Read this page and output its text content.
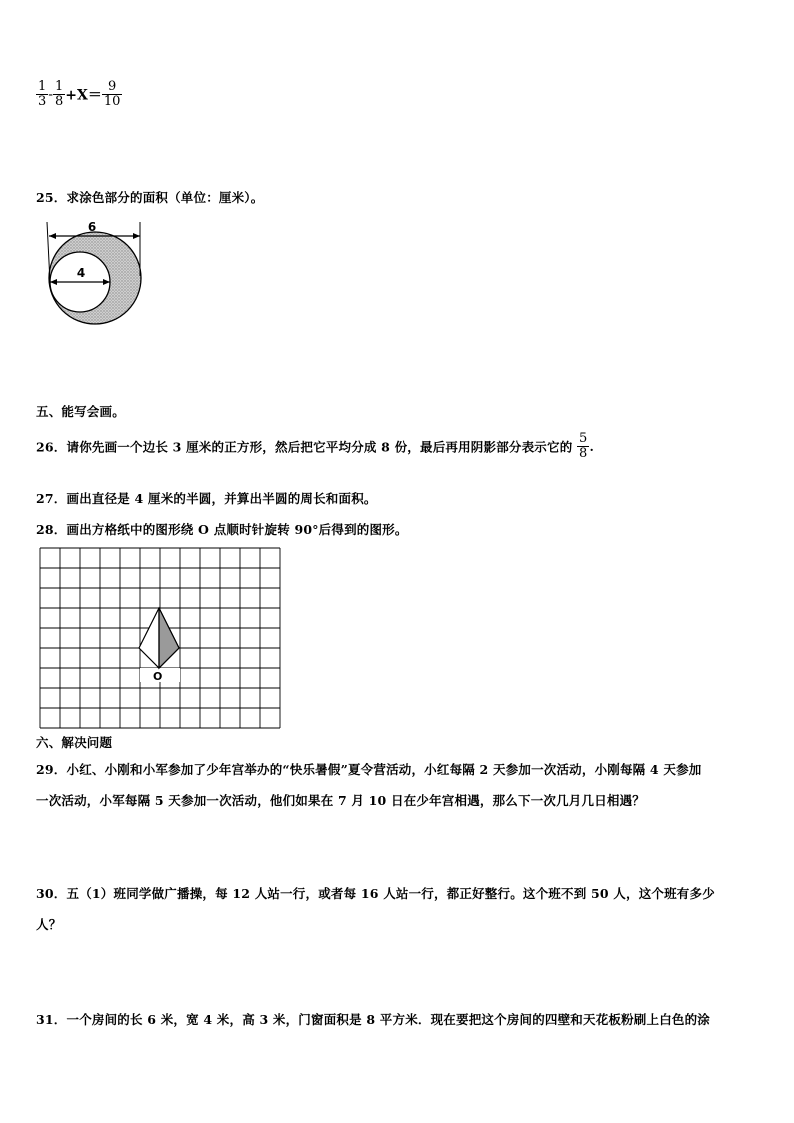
$\frac{1}{3} - \frac{1}{8} +X= \frac{9}{10}$
25．求涂色部分的面积（单位：厘米）。
6
4
五、能写会画。
26．请你先画一个边长 3 厘米的正方形，然后把它平均分成 8 份，最后再用阴影部分表示它的 $\frac{5}{8}$ .
27．画出直径是 4 厘米的半圆，并算出半圆的周长和面积。
28．画出方格纸中的图形绕 O 点顺时针旋转 90°后得到的图形。
O
六、解决问题
29．小红、小刚和小军参加了少年宫举办的“快乐暑假”夏令营活动，小红每隔 2 天参加一次活动，小刚每隔 4 天参加
一次活动，小军每隔 5 天参加一次活动，他们如果在 7 月 10 日在少年宫相遇，那么下一次几月几日相遇？
30．五（1）班同学做广播操，每 12 人站一行，或者每 16 人站一行，都正好整行。这个班不到 50 人，这个班有多少
人？
31．一个房间的长 6 米，宽 4 米，高 3 米，门窗面积是 8 平方米．现在要把这个房间的四壁和天花板粉刷上白色的涂
